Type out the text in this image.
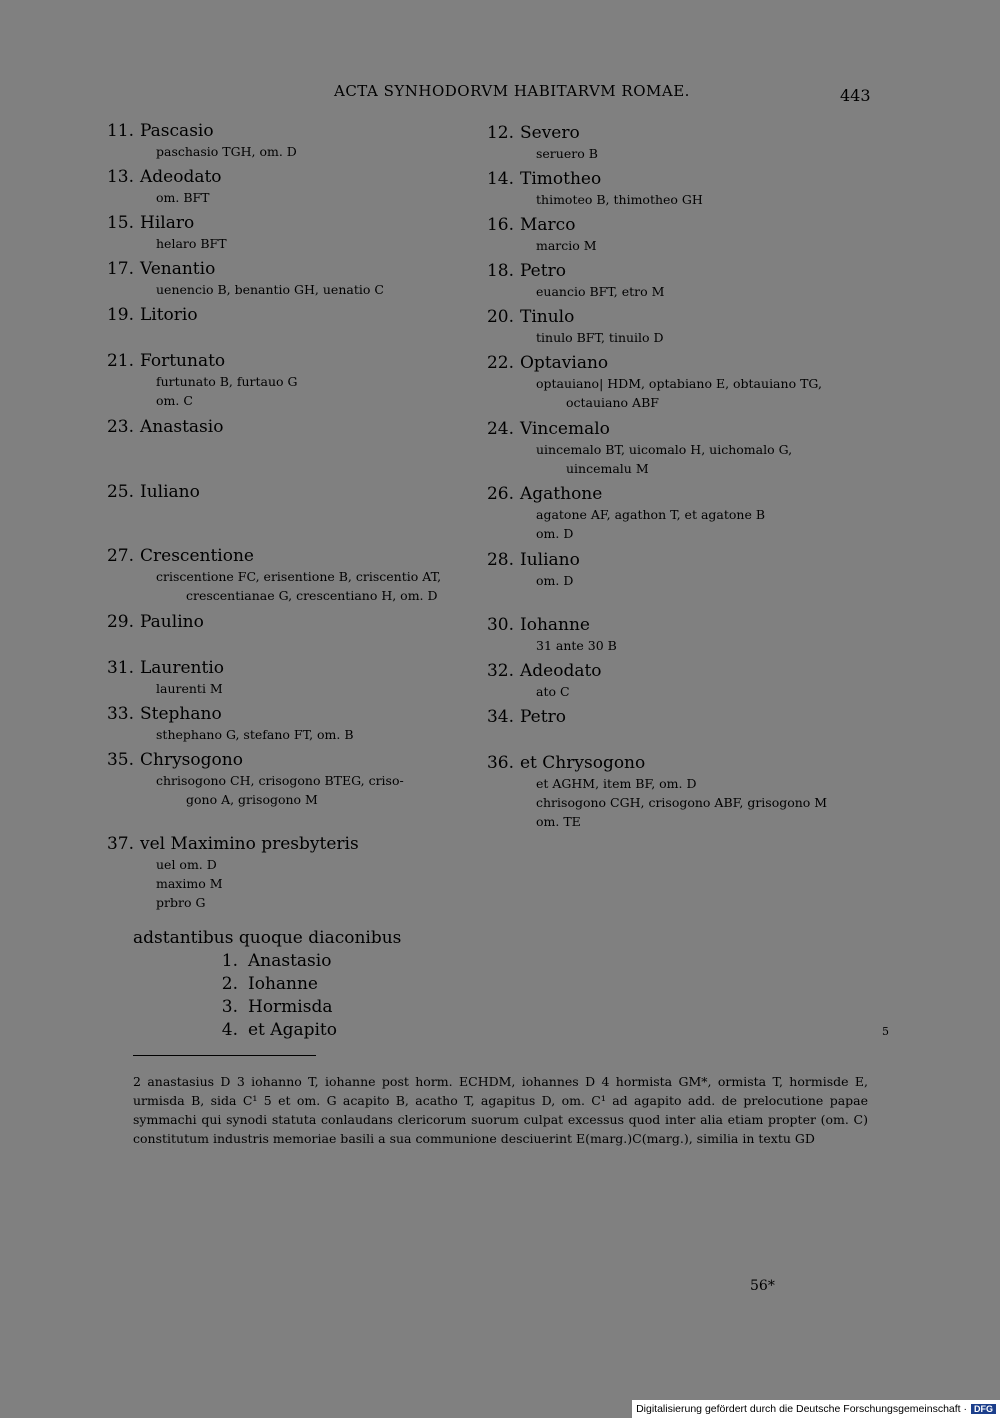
ACTA SYNHODORVM HABITARVM ROMAE.	443
11. Pascasio
paschasio TGH, om. D
12. Severo
seruero B
13. Adeodato
om. BFT
14. Timotheo
thimoteo B, thimotheo GH
15. Hilaro
helaro BFT
16. Marco
marcio M
17. Venantio
uenencio B, benantio GH, uenatio C
18. Petro
euancio BFT, etro M
19. Litorio	20. Tinulo
tinulo BFT, tinuilo D
21. Fortunato
furtunato B, furtauo G
om. C
22. Optaviano
optauiano| HDM, optabiano E, obtauiano TG,
octauiano ABF
23. Anastasio	24. Vincemalo
uincemalo BT, uicomalo H, uichomalo G,
uincemalu M
25. Iuliano	26. Agathone
agatone AF, agathon T, et agatone B
om. D
27. Crescentione
criscentione FC, erisentione B, criscentio AT,
crescentianae G, crescentiano H, om. D
28. Iuliano
om. D
29. Paulino	30. Iohanne
31 ante 30 B
31. Laurentio
laurenti M
32. Adeodato
ato C
33. Stephano
sthephano G, stefano FT, om. B
34. Petro
35. Chrysogono
chrisogono CH, crisogono BTEG, criso-
gono A, grisogono M
36. et Chrysogono
et AGHM, item BF, om. D
chrisogono CGH, crisogono ABF, grisogono M
om. TE
37. vel Maximino presbyteris
uel om. D
maximo M
prbro G
adstantibus quoque diaconibus
1. Anastasio
2. Iohanne
3. Hormisda
4. et Agapito	5
2 anastasius D 3 iohanno T, iohanne post horm. ECHDM, iohannes D 4 hormista GM*, ormista T, hormisde E, urmisda B, sida C¹ 5 et om. G acapito B, acatho T, agapitus D, om. C¹ ad agapito add. de prelocutione papae symmachi qui synodi statuta conlaudans clericorum suorum culpat excessus quod inter alia etiam propter (om. C) constitutum industris memoriae basili a sua communione desciuerint E(marg.)C(marg.), similia in textu GD
56*
Digitalisierung gefördert durch die Deutsche Forschungsgemeinschaft · DFG
